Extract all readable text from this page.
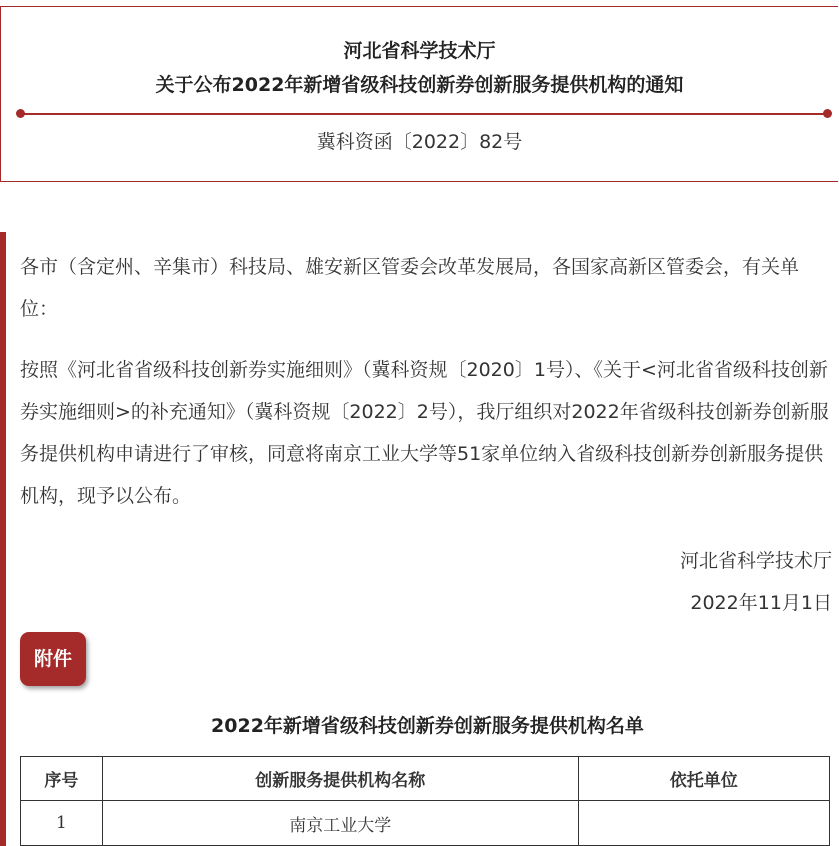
河北省科学技术厅
关于公布2022年新增省级科技创新券创新服务提供机构的通知
冀科资函〔2022〕82号

各市（含定州、辛集市）科技局、雄安新区管委会改革发展局，各国家高新区管委会，有关单位：

按照《河北省省级科技创新券实施细则》（冀科资规〔2020〕1号）、《关于<河北省省级科技创新券实施细则>的补充通知》（冀科资规〔2022〕2号），我厅组织对2022年省级科技创新券创新服务提供机构申请进行了审核，同意将南京工业大学等51家单位纳入省级科技创新券创新服务提供机构，现予以公布。

河北省科学技术厅
2022年11月1日
附件
2022年新增省级科技创新券创新服务提供机构名单
序号	创新服务提供机构名称	依托单位
1	南京工业大学	
